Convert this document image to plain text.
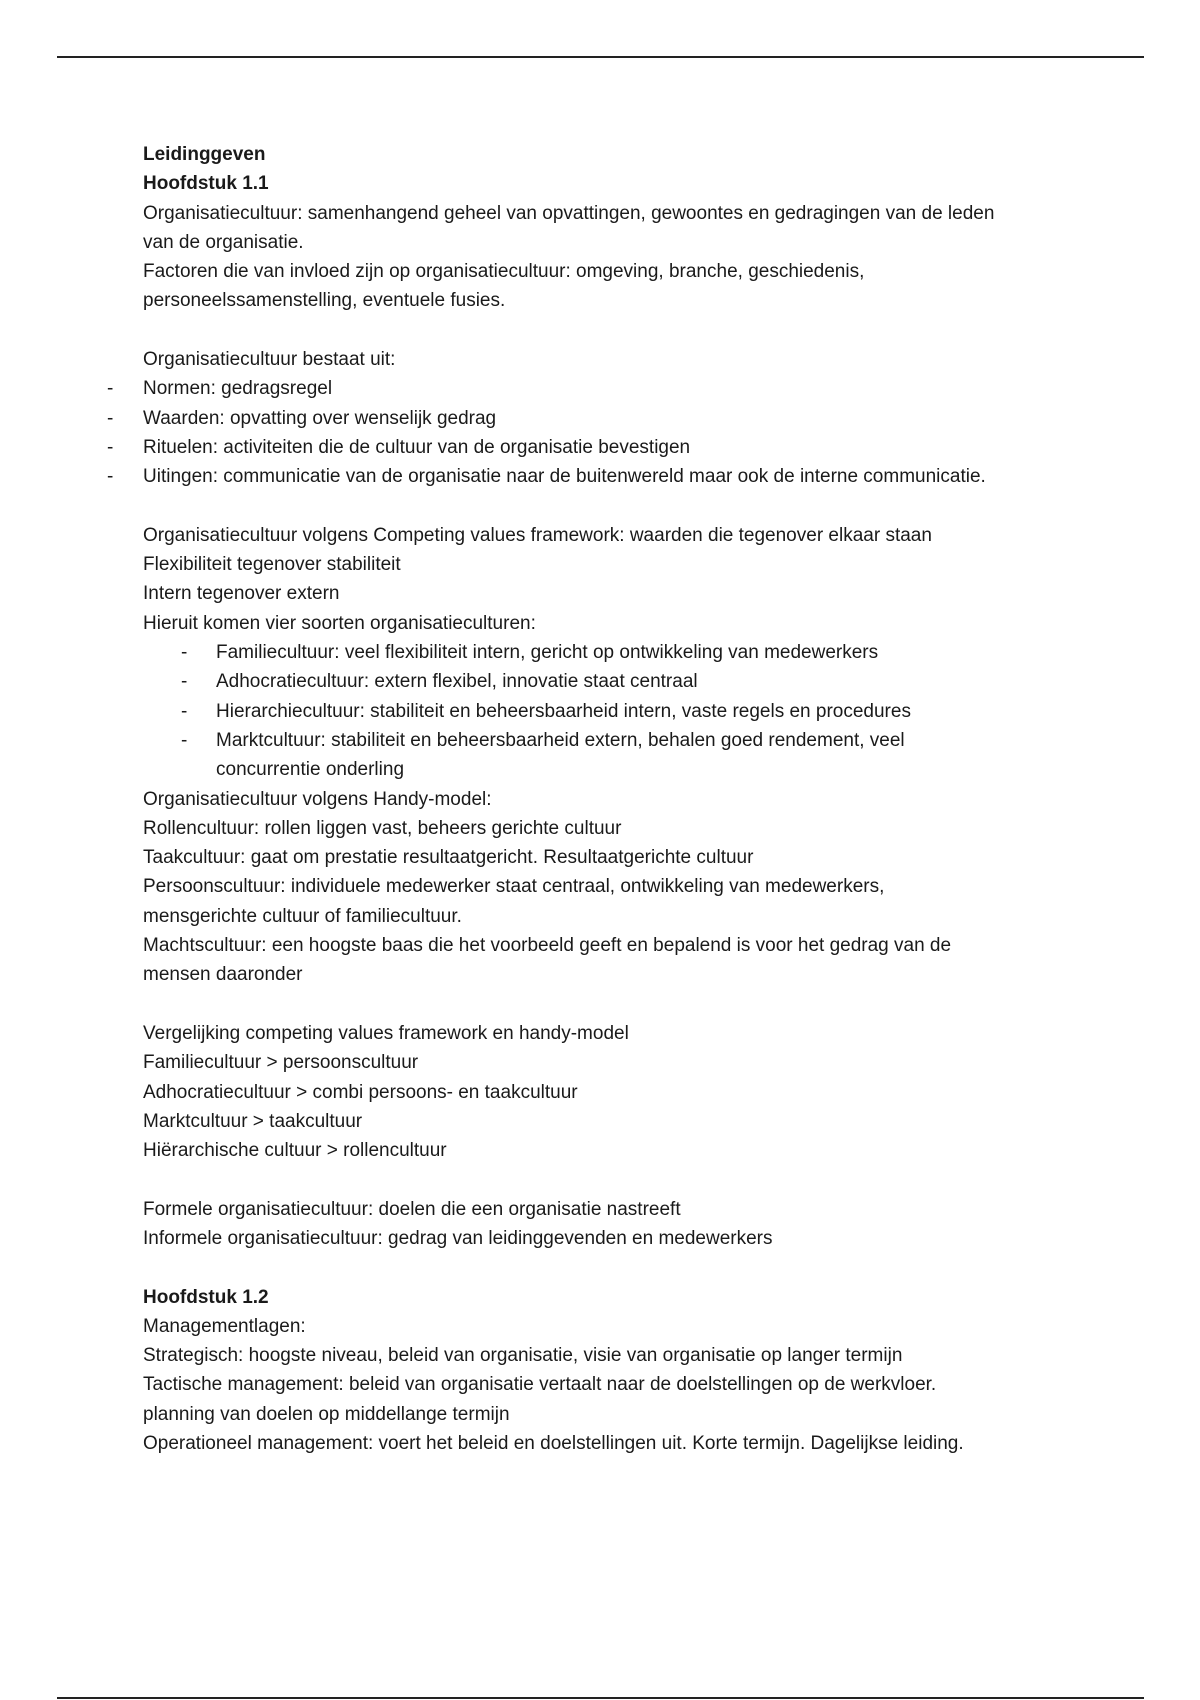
Leidinggeven
Hoofdstuk 1.1
Organisatiecultuur: samenhangend geheel van opvattingen, gewoontes en gedragingen van de leden
van de organisatie.
Factoren die van invloed zijn op organisatiecultuur: omgeving, branche, geschiedenis,
personeelssamenstelling, eventuele fusies.
Organisatiecultuur bestaat uit:
- Normen: gedragsregel
- Waarden: opvatting over wenselijk gedrag
- Rituelen: activiteiten die de cultuur van de organisatie bevestigen
- Uitingen: communicatie van de organisatie naar de buitenwereld maar ook de interne communicatie.
Organisatiecultuur volgens Competing values framework: waarden die tegenover elkaar staan
Flexibiliteit tegenover stabiliteit
Intern tegenover extern
Hieruit komen vier soorten organisatieculturen:
- Familiecultuur: veel flexibiliteit intern, gericht op ontwikkeling van medewerkers
- Adhocratiecultuur: extern flexibel, innovatie staat centraal
- Hierarchiecultuur: stabiliteit en beheersbaarheid intern, vaste regels en procedures
- Marktcultuur: stabiliteit en beheersbaarheid extern, behalen goed rendement, veel
concurrentie onderling
Organisatiecultuur volgens Handy-model:
Rollencultuur: rollen liggen vast, beheers gerichte cultuur
Taakcultuur: gaat om prestatie resultaatgericht. Resultaatgerichte cultuur
Persoonscultuur: individuele medewerker staat centraal, ontwikkeling van medewerkers,
mensgerichte cultuur of familiecultuur.
Machtscultuur: een hoogste baas die het voorbeeld geeft en bepalend is voor het gedrag van de
mensen daaronder
Vergelijking competing values framework en handy-model
Familiecultuur > persoonscultuur
Adhocratiecultuur > combi persoons- en taakcultuur
Marktcultuur > taakcultuur
Hiërarchische cultuur > rollencultuur
Formele organisatiecultuur: doelen die een organisatie nastreeft
Informele organisatiecultuur: gedrag van leidinggevenden en medewerkers
Hoofdstuk 1.2
Managementlagen:
Strategisch: hoogste niveau, beleid van organisatie, visie van organisatie op langer termijn
Tactische management: beleid van organisatie vertaalt naar de doelstellingen op de werkvloer.
planning van doelen op middellange termijn
Operationeel management: voert het beleid en doelstellingen uit. Korte termijn. Dagelijkse leiding.
